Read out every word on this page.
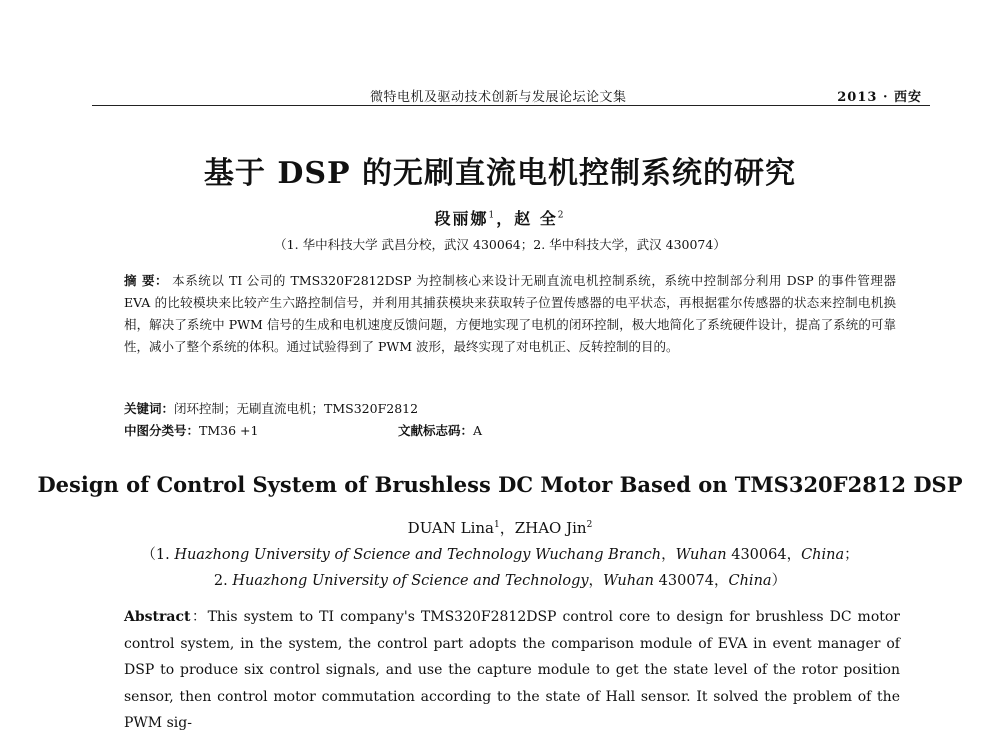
微特电机及驱动技术创新与发展论坛论文集	2013 · 西安
基于 DSP 的无刷直流电机控制系统的研究
段丽娜$^1$，赵 全$^2$
（1. 华中科技大学 武昌分校，武汉 430064；2. 华中科技大学，武汉 430074）
摘 要： 本系统以 TI 公司的 TMS320F2812DSP 为控制核心来设计无刷直流电机控制系统，系统中控制部分利用 DSP 的事件管理器 EVA 的比较模块来比较产生六路控制信号，并利用其捕获模块来获取转子位置传感器的电平状态，再根据霍尔传感器的状态来控制电机换相，解决了系统中 PWM 信号的生成和电机速度反馈问题，方便地实现了电机的闭环控制，极大地简化了系统硬件设计，提高了系统的可靠性，减小了整个系统的体积。通过试验得到了 PWM 波形，最终实现了对电机正、反转控制的目的。
关键词：闭环控制；无刷直流电机；TMS320F2812
中图分类号：TM36 +1	文献标志码：A
Design of Control System of Brushless DC Motor Based on TMS320F2812 DSP
DUAN Lina$^1$，ZHAO Jin$^2$
（1. Huazhong University of Science and Technology Wuchang Branch，Wuhan 430064，China；
2. Huazhong University of Science and Technology，Wuhan 430074，China）
Abstract：This system to TI company's TMS320F2812DSP control core to design for brushless DC motor control system, in the system, the control part adopts the comparison module of EVA in event manager of DSP to produce six control signals, and use the capture module to get the state level of the rotor position sensor, then control motor commutation according to the state of Hall sensor. It solved the problem of the PWM sig-
